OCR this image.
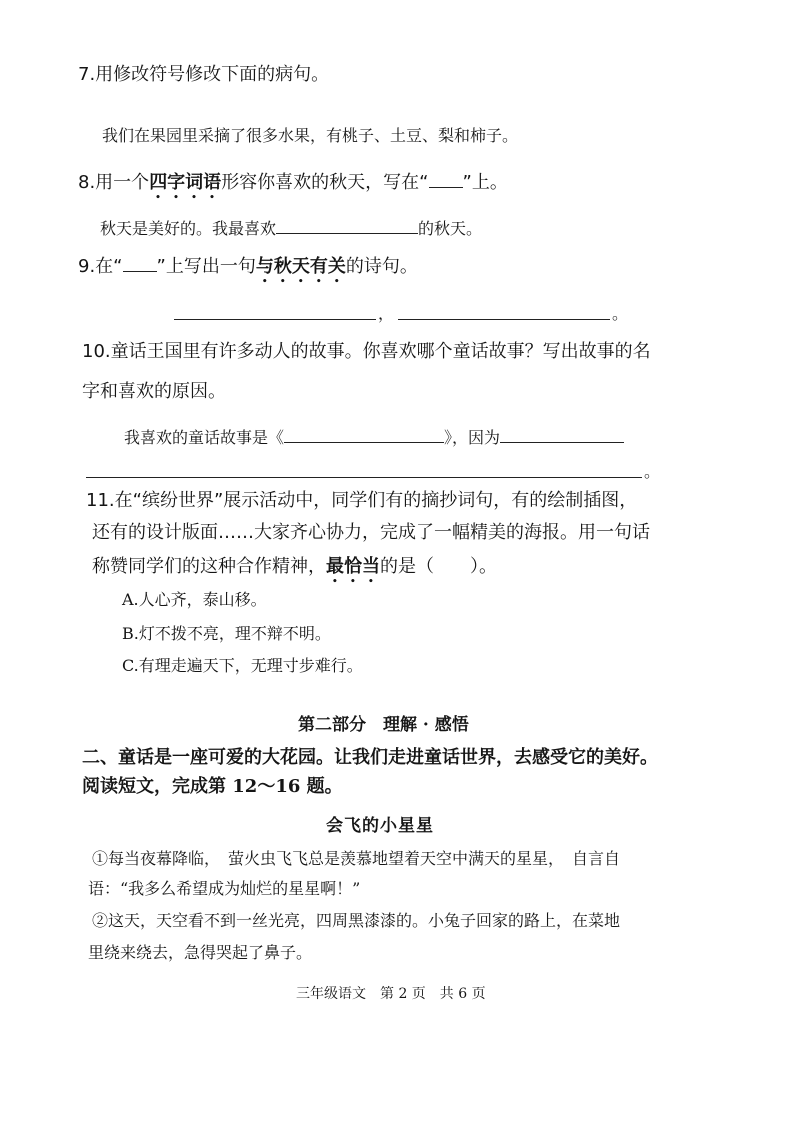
7.用修改符号修改下面的病句。
我们在果园里采摘了很多水果，有桃子、土豆、梨和柿子。
8.用一个四字词语形容你喜欢的秋天，写在“ ”上。
秋天是美好的。我最喜欢	的秋天。
9.在“ ”上写出一句与秋天有关的诗句。
，	。
10.童话王国里有许多动人的故事。你喜欢哪个童话故事？写出故事的名
字和喜欢的原因。
我喜欢的童话故事是《	》，因为
。
11.在“缤纷世界”展示活动中，同学们有的摘抄词句，有的绘制插图，
还有的设计版面……大家齐心协力，完成了一幅精美的海报。用一句话
称赞同学们的这种合作精神，最恰当的是（　　）。
A.人心齐，泰山移。
B.灯不拨不亮，理不辩不明。
C.有理走遍天下，无理寸步难行。
第二部分　理解 · 感悟
二、童话是一座可爱的大花园。让我们走进童话世界，去感受它的美好。
阅读短文，完成第 12～16 题。
会飞的小星星
①每当夜幕降临，　萤火虫飞飞总是羡慕地望着天空中满天的星星，　自言自
语：“我多么希望成为灿烂的星星啊！”
②这天，天空看不到一丝光亮，四周黑漆漆的。小兔子回家的路上，在菜地
里绕来绕去，急得哭起了鼻子。
三年级语文　第 2 页　共 6 页
